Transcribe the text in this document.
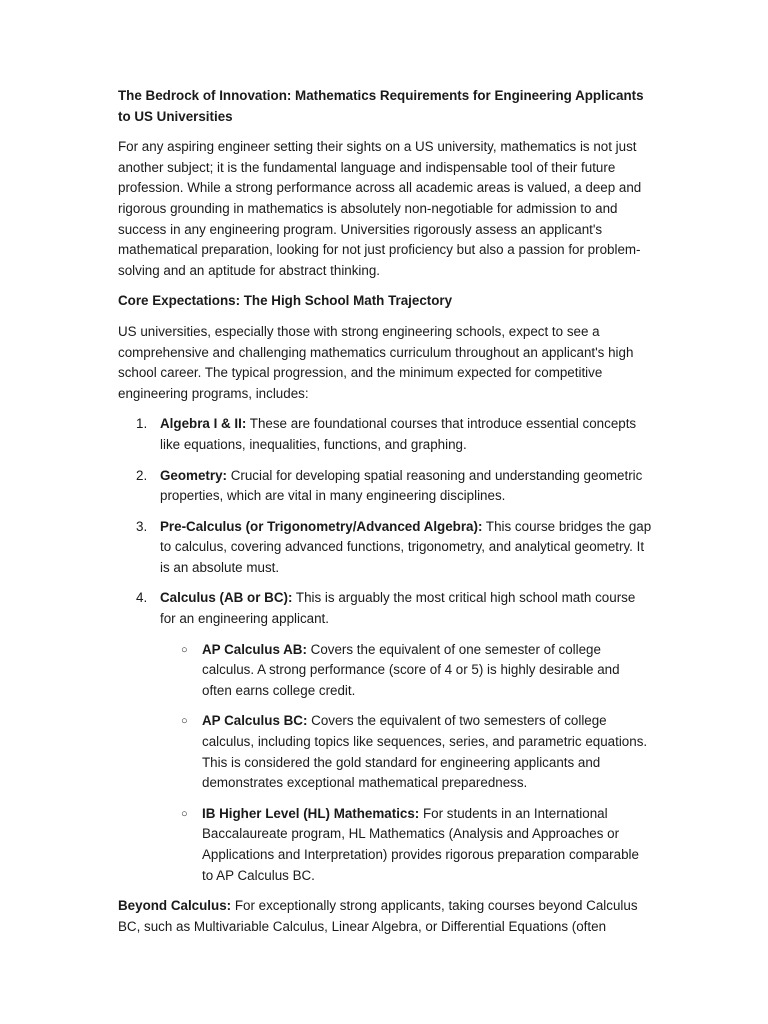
The Bedrock of Innovation: Mathematics Requirements for Engineering Applicants to US Universities

For any aspiring engineer setting their sights on a US university, mathematics is not just another subject; it is the fundamental language and indispensable tool of their future profession. While a strong performance across all academic areas is valued, a deep and rigorous grounding in mathematics is absolutely non-negotiable for admission to and success in any engineering program. Universities rigorously assess an applicant's mathematical preparation, looking for not just proficiency but also a passion for problem-solving and an aptitude for abstract thinking.

Core Expectations: The High School Math Trajectory

US universities, especially those with strong engineering schools, expect to see a comprehensive and challenging mathematics curriculum throughout an applicant's high school career. The typical progression, and the minimum expected for competitive engineering programs, includes:

1. Algebra I & II: These are foundational courses that introduce essential concepts like equations, inequalities, functions, and graphing.
2. Geometry: Crucial for developing spatial reasoning and understanding geometric properties, which are vital in many engineering disciplines.
3. Pre-Calculus (or Trigonometry/Advanced Algebra): This course bridges the gap to calculus, covering advanced functions, trigonometry, and analytical geometry. It is an absolute must.
4. Calculus (AB or BC): This is arguably the most critical high school math course for an engineering applicant.
○ AP Calculus AB: Covers the equivalent of one semester of college calculus. A strong performance (score of 4 or 5) is highly desirable and often earns college credit.
○ AP Calculus BC: Covers the equivalent of two semesters of college calculus, including topics like sequences, series, and parametric equations. This is considered the gold standard for engineering applicants and demonstrates exceptional mathematical preparedness.
○ IB Higher Level (HL) Mathematics: For students in an International Baccalaureate program, HL Mathematics (Analysis and Approaches or Applications and Interpretation) provides rigorous preparation comparable to AP Calculus BC.

Beyond Calculus: For exceptionally strong applicants, taking courses beyond Calculus BC, such as Multivariable Calculus, Linear Algebra, or Differential Equations (often
